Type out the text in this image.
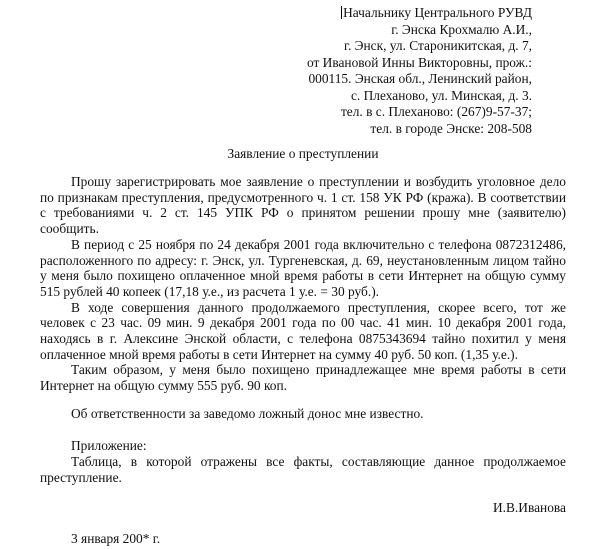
Начальнику Центрального РУВД
г. Энска Крохмалю А.И.,
г. Энск, ул. Староникитская, д. 7,
от Ивановой Инны Викторовны, прож.:
000115. Энская обл., Ленинский район,
с. Плеханово, ул. Минская, д. 3.
тел. в с. Плеханово: (267)9-57-37;
тел. в городе Энске: 208-508
Заявление о преступлении

Прошу зарегистрировать мое заявление о преступлении и возбудить уголовное дело по признакам преступления, предусмотренного ч. 1 ст. 158 УК РФ (кража). В соответствии с требованиями ч. 2 ст. 145 УПК РФ о принятом решении прошу мне (заявителю) сообщить.

В период с 25 ноября по 24 декабря 2001 года включительно с телефона 0872312486, расположенного по адресу: г. Энск, ул. Тургеневская, д. 69, неустановленным лицом тайно у меня было похищено оплаченное мной время работы в сети Интернет на общую сумму 515 рублей 40 копеек (17,18 у.е., из расчета 1 у.е. = 30 руб.).

В ходе совершения данного продолжаемого преступления, скорее всего, тот же человек с 23 час. 09 мин. 9 декабря 2001 года по 00 час. 41 мин. 10 декабря 2001 года, находясь в г. Алексине Энской области, с телефона 0875343694 тайно похитил у меня оплаченное мной время работы в сети Интернет на сумму 40 руб. 50 коп. (1,35 у.е.).

Таким образом, у меня было похищено принадлежащее мне время работы в сети Интернет на общую сумму 555 руб. 90 коп.

Об ответственности за заведомо ложный донос мне известно.
Приложение:

Таблица, в которой отражены все факты, составляющие данное продолжаемое преступление.

И.В.Иванова
3 января 200* г.
